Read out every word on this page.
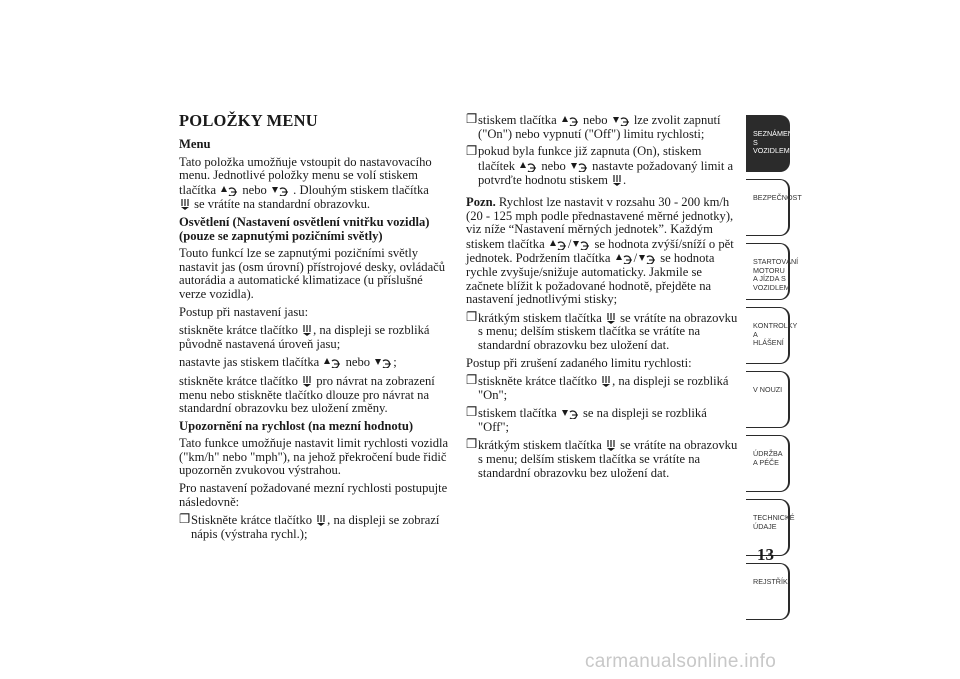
POLOŽKY MENU

Menu

Tato položka umožňuje vstoupit do nastavovacího menu. Jednotlivé položky menu se volí stiskem tlačítka nebo . Dlouhým stiskem tlačítka
se vrátíte na standardní obrazovku.

Osvětlení (Nastavení osvětlení vnitřku vozidla) (pouze se zapnutými pozičními světly)

Touto funkcí lze se zapnutými pozičními světly nastavit jas (osm úrovní) přístrojové desky, ovládačů autorádia a automatické klimatizace (u příslušné verze vozidla).

Postup při nastavení jasu:

stiskněte krátce tlačítko , na displeji se rozbliká původně nastavená úroveň jasu;

nastavte jas stiskem tlačítka nebo ;

stiskněte krátce tlačítko pro návrat na zobrazení menu nebo stiskněte tlačítko dlouze pro návrat na standardní obrazovku bez uložení změny.

Upozornění na rychlost (na mezní hodnotu)

Tato funkce umožňuje nastavit limit rychlosti vozidla ("km/h" nebo "mph"), na jehož překročení bude řidič upozorněn zvukovou výstrahou.

Pro nastavení požadované mezní rychlosti postupujte následovně:

❐ Stiskněte krátce tlačítko , na displeji se zobrazí nápis (výstraha rychl.);
❐ stiskem tlačítka nebo lze zvolit zapnutí ("On") nebo vypnutí ("Off") limitu rychlosti;
❐ pokud byla funkce již zapnuta (On), stiskem tlačítek nebo nastavte požadovaný limit a potvrďte hodnotu stiskem .

Pozn. Rychlost lze nastavit v rozsahu 30 - 200 km/h (20 - 125 mph podle přednastavené měrné jednotky), viz níže “Nastavení měrných jednotek”. Každým stiskem tlačítka / se hodnota zvýší/sníží o pět jednotek. Podržením tlačítka / se hodnota rychle zvyšuje/snižuje automaticky. Jakmile se začnete blížit k požadované hodnotě, přejděte na nastavení jednotlivými stisky;

❐ krátkým stiskem tlačítka se vrátíte na obrazovku s menu; delším stiskem tlačítka se vrátíte na standardní obrazovku bez uložení dat.

Postup při zrušení zadaného limitu rychlosti:

❐ stiskněte krátce tlačítko , na displeji se rozbliká "On";
❐ stiskem tlačítka se na displeji se rozbliká "Off";
❐ krátkým stiskem tlačítka se vrátíte na obrazovku s menu; delším stiskem tlačítka se vrátíte na standardní obrazovku bez uložení dat.
SEZNÁMENÍ S VOZIDLEM
BEZPEČNOST
STARTOVÁNÍ MOTORU A JÍZDA S VOZIDLEM
KONTROLKY A HLÁŠENÍ
V NOUZI
ÚDRŽBA A PÉČE
TECHNICKÉ ÚDAJE
REJSTŘÍK
13
carmanualsonline.info
